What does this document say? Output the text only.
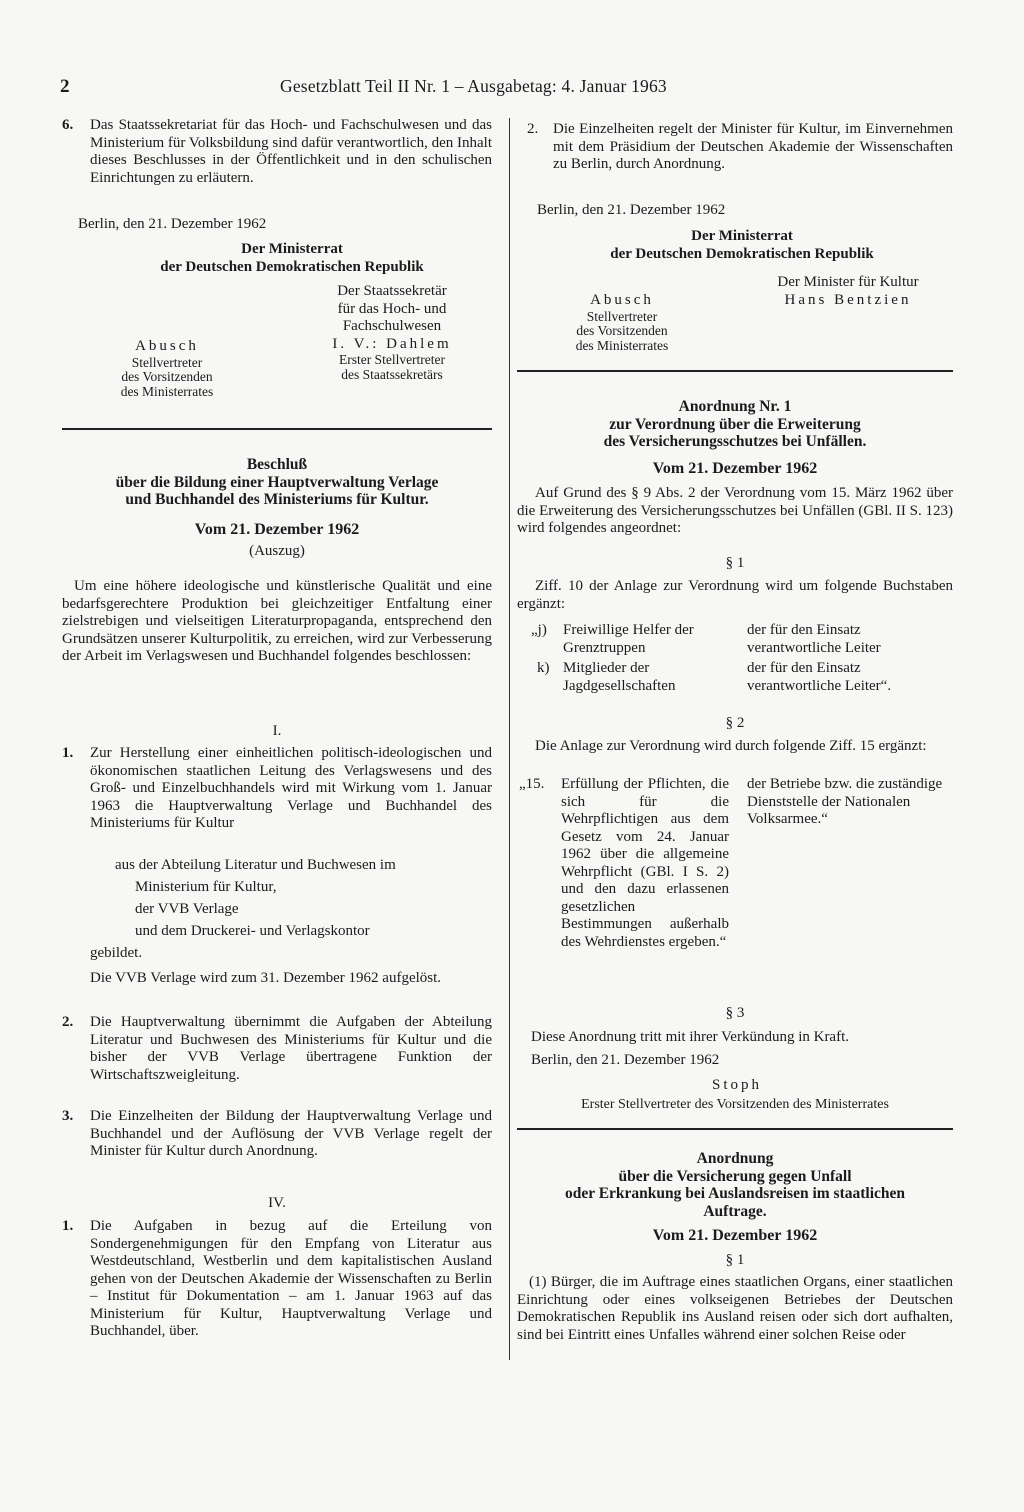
2	Gesetzblatt Teil II Nr. 1 – Ausgabetag: 4. Januar 1963
6. Das Staatssekretariat für das Hoch- und Fachschulwesen und das Ministerium für Volksbildung sind dafür verantwortlich, den Inhalt dieses Beschlusses in der Öffentlichkeit und in den schulischen Einrichtungen zu erläutern.
Berlin, den 21. Dezember 1962
Der Ministerrat
der Deutschen Demokratischen Republik
Der Staatssekretär
für das Hoch- und
Fachschulwesen
I. V.: Dahlem
Erster Stellvertreter
des Staatssekretärs
Abusch
Stellvertreter
des Vorsitzenden
des Ministerrates
Beschluß
über die Bildung einer Hauptverwaltung Verlage
und Buchhandel des Ministeriums für Kultur.
Vom 21. Dezember 1962
(Auszug)
Um eine höhere ideologische und künstlerische Qualität und eine bedarfsgerechtere Produktion bei gleichzeitiger Entfaltung einer zielstrebigen und vielseitigen Literaturpropaganda, entsprechend den Grundsätzen unserer Kulturpolitik, zu erreichen, wird zur Verbesserung der Arbeit im Verlagswesen und Buchhandel folgendes beschlossen:
I.
1. Zur Herstellung einer einheitlichen politisch-ideologischen und ökonomischen staatlichen Leitung des Verlagswesens und des Groß- und Einzelbuchhandels wird mit Wirkung vom 1. Januar 1963 die Hauptverwaltung Verlage und Buchhandel des Ministeriums für Kultur
aus der Abteilung Literatur und Buchwesen im
Ministerium für Kultur,
der VVB Verlage
und dem Druckerei- und Verlagskontor
gebildet.
Die VVB Verlage wird zum 31. Dezember 1962 aufgelöst.
2. Die Hauptverwaltung übernimmt die Aufgaben der Abteilung Literatur und Buchwesen des Ministeriums für Kultur und die bisher der VVB Verlage übertragene Funktion der Wirtschaftszweigleitung.
3. Die Einzelheiten der Bildung der Hauptverwaltung Verlage und Buchhandel und der Auflösung der VVB Verlage regelt der Minister für Kultur durch Anordnung.
IV.
1. Die Aufgaben in bezug auf die Erteilung von Sondergenehmigungen für den Empfang von Literatur aus Westdeutschland, Westberlin und dem kapitalistischen Ausland gehen von der Deutschen Akademie der Wissenschaften zu Berlin – Institut für Dokumentation – am 1. Januar 1963 auf das Ministerium für Kultur, Hauptverwaltung Verlage und Buchhandel, über.
2. Die Einzelheiten regelt der Minister für Kultur, im Einvernehmen mit dem Präsidium der Deutschen Akademie der Wissenschaften zu Berlin, durch Anordnung.
Berlin, den 21. Dezember 1962
Der Ministerrat
der Deutschen Demokratischen Republik
Der Minister für Kultur
Hans Bentzien
Abusch
Stellvertreter
des Vorsitzenden
des Ministerrates
Anordnung Nr. 1
zur Verordnung über die Erweiterung
des Versicherungsschutzes bei Unfällen.
Vom 21. Dezember 1962
Auf Grund des § 9 Abs. 2 der Verordnung vom 15. März 1962 über die Erweiterung des Versicherungsschutzes bei Unfällen (GBl. II S. 123) wird folgendes angeordnet:
§ 1
Ziff. 10 der Anlage zur Verordnung wird um folgende Buchstaben ergänzt:
„j) Freiwillige Helfer der Grenztruppen
der für den Einsatz verantwortliche Leiter
k) Mitglieder der Jagdgesellschaften
der für den Einsatz verantwortliche Leiter“.
§ 2
Die Anlage zur Verordnung wird durch folgende Ziff. 15 ergänzt:
„15. Erfüllung der Pflichten, die sich für die Wehrpflichtigen aus dem Gesetz vom 24. Januar 1962 über die allgemeine Wehrpflicht (GBl. I S. 2) und den dazu erlassenen gesetzlichen Bestimmungen außerhalb des Wehrdienstes ergeben.“
der Betriebe bzw. die zuständige Dienststelle der Nationalen Volksarmee.“
§ 3
Diese Anordnung tritt mit ihrer Verkündung in Kraft.
Berlin, den 21. Dezember 1962
Stoph
Erster Stellvertreter des Vorsitzenden des Ministerrates
Anordnung
über die Versicherung gegen Unfall
oder Erkrankung bei Auslandsreisen im staatlichen
Auftrage.
Vom 21. Dezember 1962
§ 1
(1) Bürger, die im Auftrage eines staatlichen Organs, einer staatlichen Einrichtung oder eines volkseigenen Betriebes der Deutschen Demokratischen Republik ins Ausland reisen oder sich dort aufhalten, sind bei Eintritt eines Unfalles während einer solchen Reise oder
